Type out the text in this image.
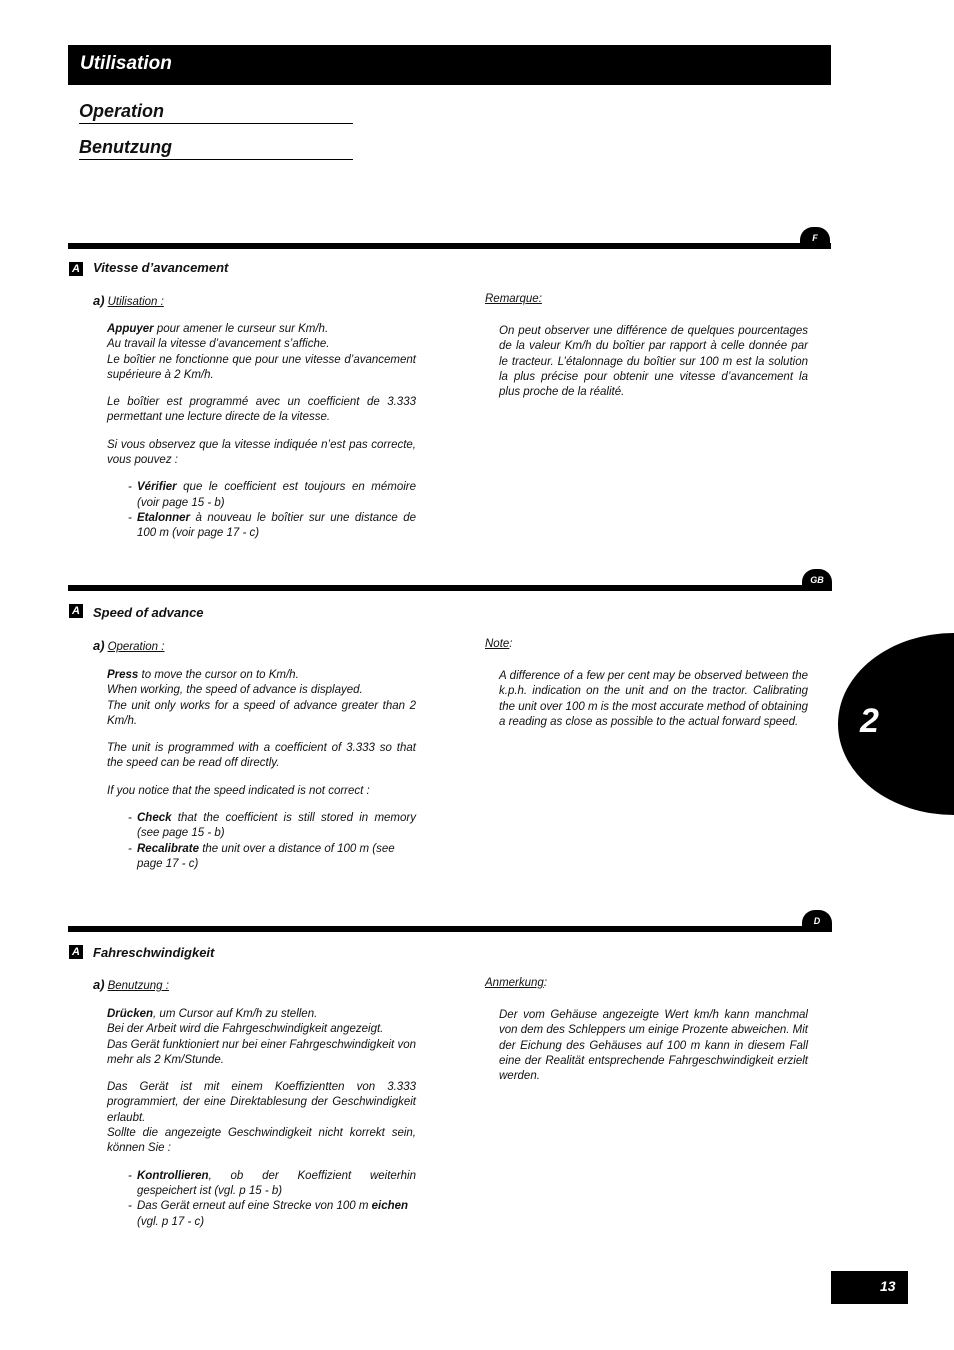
Utilisation
Operation
Benutzung
F
A Vitesse d’avancement
a) Utilisation :

Appuyer pour amener le curseur sur Km/h.

Au travail la vitesse d’avancement s’affiche.

Le boîtier ne fonctionne que pour une vitesse d’avancement supérieure à 2 Km/h.

Le boîtier est programmé avec un coefficient de 3.333 permettant une lecture directe de la vitesse.

Si vous observez que la vitesse indiquée n’est pas correcte, vous pouvez :

- Vérifier que le coefficient est toujours en mémoire (voir page 15 - b)
- Etalonner à nouveau le boîtier sur une distance de 100 m (voir page 17 - c)
Remarque:
On peut observer une différence de quelques pourcentages de la valeur Km/h du boîtier par rapport à celle donnée par le tracteur. L’étalonnage du boîtier sur 100 m est la solution la plus précise pour obtenir une vitesse d’avancement la plus proche de la réalité.
GB
A Speed of advance
a) Operation :

Press to move the cursor on to Km/h.

When working, the speed of advance is displayed.

The unit only works for a speed of advance greater than 2 Km/h.

The unit is programmed with a coefficient of 3.333 so that the speed can be read off directly.

If you notice that the speed indicated is not correct :

- Check that the coefficient is still stored in memory (see page 15 - b)
- Recalibrate the unit over a distance of 100 m (see page 17 - c)
Note:
A difference of a few per cent may be observed between the k.p.h. indication on the unit and on the tractor. Calibrating the unit over 100 m is the most accurate method of obtaining a reading as close as possible to the actual forward speed. 2
D
A Fahreschwindigkeit
a) Benutzung :

Drücken, um Cursor auf Km/h zu stellen.

Bei der Arbeit wird die Fahrgeschwindigkeit angezeigt.

Das Gerät funktioniert nur bei einer Fahrgeschwindigkeit von mehr als 2 Km/Stunde.

Das Gerät ist mit einem Koeffizientten von 3.333 programmiert, der eine Direktablesung der Geschwindigkeit erlaubt.

Sollte die angezeigte Geschwindigkeit nicht korrekt sein, können Sie :

- Kontrollieren, ob der Koeffizient weiterhin gespeichert ist (vgl. p 15 - b)
- Das Gerät erneut auf eine Strecke von 100 m eichen
(vgl. p 17 - c)
Anmerkung:
Der vom Gehäuse angezeigte Wert km/h kann manchmal von dem des Schleppers um einige Prozente abweichen. Mit der Eichung des Gehäuses auf 100 m kann in diesem Fall eine der Realität entsprechende Fahrgeschwindigkeit erzielt werden.
13
